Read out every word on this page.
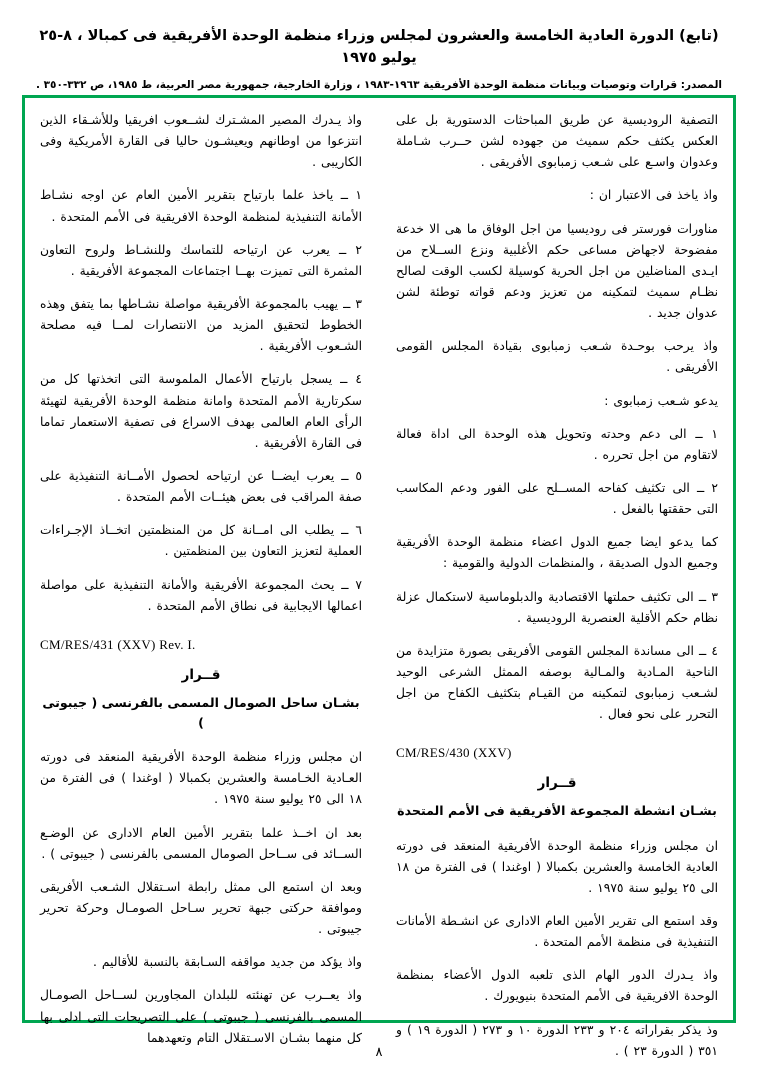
(تابع) الدورة العادية الخامسة والعشرون لمجلس وزراء منظمة الوحدة الأفريقية فى كمبالا ، ٨-٢٥ يوليو ١٩٧٥
المصدر: قرارات وتوصيات وبيانات منظمة الوحدة الأفريقية ١٩٦٣-١٩٨٣ ، وزارة الخارجية، جمهورية مصر العربية، ط ١٩٨٥، ص ٣٣٢-٣٥٠ .

التصفية الروديسية عن طريق المباحثات الدستورية بل على العكس يكثف حكم سميث من جهوده لشن حــرب شـاملة وعدوان واسـع على شـعب زمبابوى الأفريقى .

واذ ياخذ فى الاعتبار ان :

مناورات فورستر فى روديسيا من اجل الوفاق ما هى الا خدعة مفضوحة لاجهاض مساعى حكم الأغلبية ونزع الســلاح من ايـدى المناضلين من اجل الحرية كوسيلة لكسب الوقت لصالح نظـام سميث لتمكينه من تعزيز ودعم قواته توطئة لشن عدوان جديد .

واذ يرحب بوحـدة شـعب زمبابوى بقيادة المجلس القومى الأفريقى .

يدعو شـعب زمبابوى :

١ ــ الى دعم وحدته وتحويل هذه الوحدة الى اداة فعالة لاتقاوم من اجل تحرره .

٢ ــ الى تكثيف كفاحه المســلح على الفور ودعم المكاسب التى حققتها بالفعل .

كما يدعو ايضا جميع الدول اعضاء منظمة الوحدة الأفريقية وجميع الدول الصديقة ، والمنظمات الدولية والقومية :

٣ ــ الى تكثيف حملتها الاقتصادية والدبلوماسية لاستكمال عزلة نظام حكم الأقلية العنصرية الروديسية .

٤ ــ الى مساندة المجلس القومى الأفريقى بصورة متزايدة من الناحية المـادية والمـالية بوصفه الممثل الشرعى الوحيد لشـعب زمبابوى لتمكينه من القيـام بتكثيف الكفاح من اجل التحرر على نحو فعال .

CM/RES/430 (XXV)
قــرار
بشـان انشطة المجموعة الأفريقية فى الأمم المتحدة

ان مجلس وزراء منظمة الوحدة الأفريقية المنعقد فى دورته العادية الخامسة والعشرين بكمبالا ( اوغندا ) فى الفترة من ١٨ الى ٢٥ يوليو سنة ١٩٧٥ .

وقد استمع الى تقرير الأمين العام الادارى عن انشـطة الأمانات التنفيذية فى منظمة الأمم المتحدة .

واذ يـدرك الدور الهام الذى تلعبه الدول الأعضاء بمنظمة الوحدة الافريقية فى الأمم المتحدة بنيويورك .

وذ يذكر بقراراته ٢٠٤ و ٢٣٣ الدورة ١٠ و ٢٧٣ ( الدورة ١٩ ) و ٣٥١ ( الدورة ٢٣ ) .

واذ يـدرك المصير المشـترك لشــعوب افريقيا وللأشـقاء الذين انتزعوا من اوطانهم ويعيشـون حاليا فى القارة الأمريكية وفى الكاريبى .

١ ــ ياخذ علما بارتياح بتقرير الأمين العام عن اوجه نشـاط الأمانة التنفيذية لمنظمة الوحدة الافريقية فى الأمم المتحدة .

٢ ــ يعرب عن ارتياحه للتماسك وللنشـاط ولروح التعاون المثمرة التى تميزت بهــا اجتماعات المجموعة الأفريقية .

٣ ــ يهيب بالمجموعة الأفريقية مواصلة نشـاطها بما يتفق وهذه الخطوط لتحقيق المزيد من الانتصارات لمــا فيه مصلحة الشـعوب الأفريقية .

٤ ــ يسجل بارتياح الأعمال الملموسة التى اتخذتها كل من سكرتارية الأمم المتحدة وامانة منظمة الوحدة الأفريقية لتهيئة الرأى العام العالمى بهدف الاسراع فى تصفية الاستعمار تماما فى القارة الأفريقية .

٥ ــ يعرب ايضــا عن ارتياحه لحصول الأمــانة التنفيذية على صفة المراقب فى بعض هيئــات الأمم المتحدة .

٦ ــ يطلب الى امــانة كل من المنظمتين اتخــاذ الإجـراءات العملية لتعزيز التعاون بين المنظمتين .

٧ ــ يحث المجموعة الأفريقية والأمانة التنفيذية على مواصلة اعمالها الايجابية فى نطاق الأمم المتحدة .

CM/RES/431 (XXV) Rev. I.
قــرار
بشـان ساحل الصومال المسمى بالفرنسى ( جيبوتى )

ان مجلس وزراء منظمة الوحدة الأفريقية المنعقد فى دورته العـادية الخـامسة والعشرين بكمبالا ( اوغندا ) فى الفترة من ١٨ الى ٢٥ يوليو سنة ١٩٧٥ .

بعد ان اخــذ علما بتقرير الأمين العام الادارى عن الوضـع الســائد فى ســاحل الصومال المسمى بالفرنسى ( جيبوتى ) .

وبعد ان استمع الى ممثل رابطة اسـتقلال الشـعب الأفريقى وموافقة حركتى جبهة تحرير سـاحل الصومـال وحركة تحرير جيبوتى .

واذ يؤكد من جديد مواقفه السـابقة بالنسبة للأقاليم .

واذ يعــرب عن تهنئته للبلدان المجاورين لســاحل الصومـال المسمى بالفرنسى ( جيبوتى ) على التصريحات التى ادلى بها كل منهما بشـان الاسـتقلال التام وتعهدهما

٨
